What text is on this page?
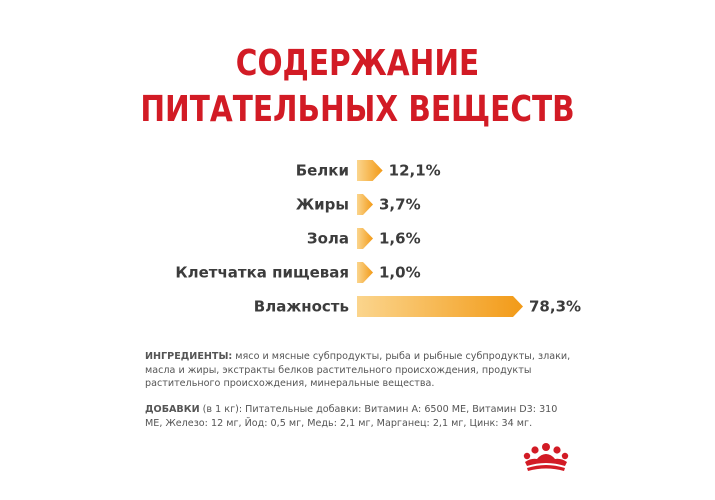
СОДЕРЖАНИЕ
ПИТАТЕЛЬНЫХ ВЕЩЕСТВ
Белки	12,1%
Жиры 3,7%
Зола 1,6%
Клетчатка пищевая 1,0%
Влажность	78,3%
ИНГРЕДИЕНТЫ: мясо и мясные субпродукты, рыба и рыбные субпродукты, злаки, масла и жиры, экстракты белков растительного происхождения, продукты растительного происхождения, минеральные вещества.
ДОБАВКИ (в 1 кг): Питательные добавки: Витамин А: 6500 МЕ, Витамин D3: 310 МЕ, Железо: 12 мг, Йод: 0,5 мг, Медь: 2,1 мг, Марганец: 2,1 мг, Цинк: 34 мг.
